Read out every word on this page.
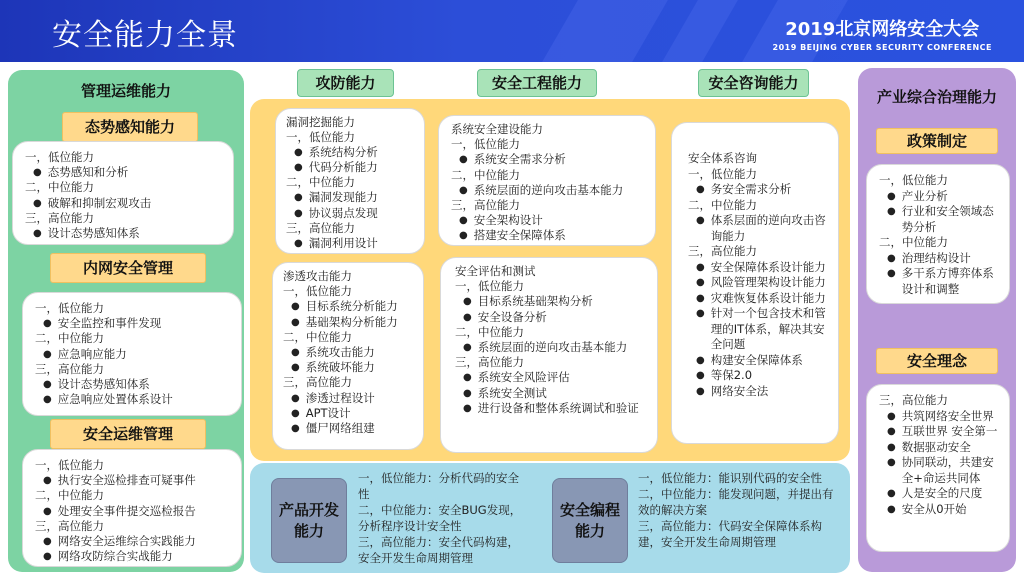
安全能力全景	2019北京网络安全大会
2019 BEIJING CYBER SECURITY CONFERENCE
管理运维能力
态势感知能力
一，低位能力
● 态势感知和分析
二，中位能力
● 破解和抑制宏观攻击
三，高位能力
● 设计态势感知体系
内网安全管理
一，低位能力
● 安全监控和事件发现
二，中位能力
● 应急响应能力
三，高位能力
● 设计态势感知体系
● 应急响应处置体系设计
安全运维管理
一，低位能力
● 执行安全巡检排查可疑事件
二，中位能力
● 处理安全事件提交巡检报告
三，高位能力
● 网络安全运维综合实践能力
● 网络攻防综合实战能力
攻防能力	安全工程能力	安全咨询能力
漏洞挖掘能力
一，低位能力
● 系统结构分析
● 代码分析能力
二，中位能力
● 漏洞发现能力
● 协议弱点发现
三，高位能力
● 漏洞利用设计
渗透攻击能力
一，低位能力
● 目标系统分析能力
● 基础架构分析能力
二，中位能力
● 系统攻击能力
● 系统破坏能力
三，高位能力
● 渗透过程设计
● APT设计
● 僵尸网络组建
系统安全建设能力
一，低位能力
● 系统安全需求分析
二，中位能力
● 系统层面的逆向攻击基本能力
三，高位能力
● 安全架构设计
● 搭建安全保障体系
安全评估和测试
一，低位能力
● 目标系统基础架构分析
● 安全设备分析
二，中位能力
● 系统层面的逆向攻击基本能力
三，高位能力
● 系统安全风险评估
● 系统安全测试
● 进行设备和整体系统调试和验证
安全体系咨询
一，低位能力
● 务安全需求分析
二，中位能力
● 体系层面的逆向攻击咨询能力
三，高位能力
● 安全保障体系设计能力
● 风险管理架构设计能力
● 灾难恢复体系设计能力
● 针对一个包含技术和管理的IT体系，解决其安全问题
● 构建安全保障体系
● 等保2.0
● 网络安全法
产品开发
能力
一，低位能力：分析代码的安全性
二，中位能力：安全BUG发现，分析程序设计安全性
三，高位能力：安全代码构建，安全开发生命周期管理
安全编程
能力
一，低位能力：能识别代码的安全性
二，中位能力：能发现问题，并提出有效的解决方案
三，高位能力：代码安全保障体系构建，安全开发生命周期管理
产业综合治理能力
政策制定
一，低位能力
● 产业分析
● 行业和安全领域态势分析
二，中位能力
● 治理结构设计
● 多干系方博弈体系设计和调整
安全理念
三，高位能力
● 共筑网络安全世界
● 互联世界 安全第一
● 数据驱动安全
● 协同联动，共建安全+命运共同体
● 人是安全的尺度
● 安全从0开始
